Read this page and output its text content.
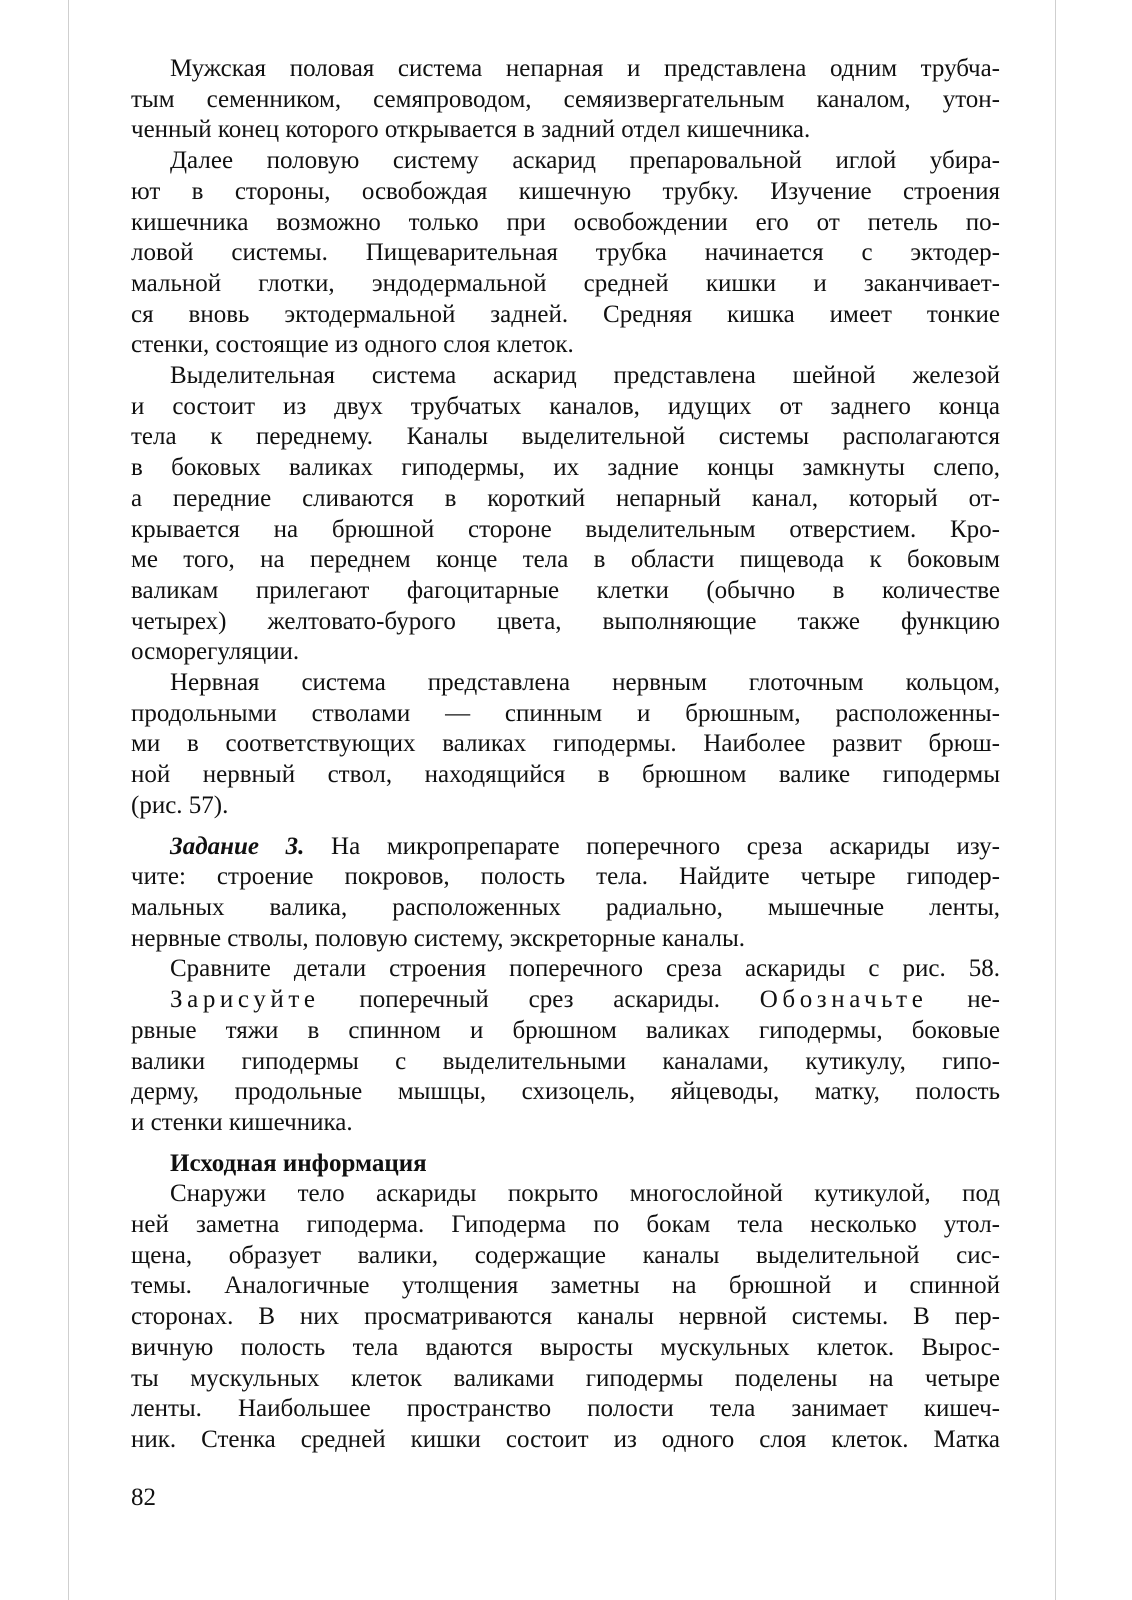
Мужская половая система непарная и представлена одним трубча-
тым семенником, семяпроводом, семяизвергательным каналом, утон-
ченный конец которого открывается в задний отдел кишечника.
Далее половую систему аскарид препаровальной иглой убира-
ют в стороны, освобождая кишечную трубку. Изучение строения
кишечника возможно только при освобождении его от петель по-
ловой системы. Пищеварительная трубка начинается с эктодер-
мальной глотки, эндодермальной средней кишки и заканчивает-
ся вновь эктодермальной задней. Средняя кишка имеет тонкие
стенки, состоящие из одного слоя клеток.
Выделительная система аскарид представлена шейной железой
и состоит из двух трубчатых каналов, идущих от заднего конца
тела к переднему. Каналы выделительной системы располагаются
в боковых валиках гиподермы, их задние концы замкнуты слепо,
а передние сливаются в короткий непарный канал, который от-
крывается на брюшной стороне выделительным отверстием. Кро-
ме того, на переднем конце тела в области пищевода к боковым
валикам прилегают фагоцитарные клетки (обычно в количестве
четырех) желтовато-бурого цвета, выполняющие также функцию
осморегуляции.
Нервная система представлена нервным глоточным кольцом,
продольными стволами — спинным и брюшным, расположенны-
ми в соответствующих валиках гиподермы. Наиболее развит брюш-
ной нервный ствол, находящийся в брюшном валике гиподермы
(рис. 57).
Задание 3. На микропрепарате поперечного среза аскариды изу-
чите: строение покровов, полость тела. Найдите четыре гиподер-
мальных валика, расположенных радиально, мышечные ленты,
нервные стволы, половую систему, экскреторные каналы.
Сравните детали строения поперечного среза аскариды с рис. 58.
Зарисуйте поперечный срез аскариды. Обозначьте не-
рвные тяжи в спинном и брюшном валиках гиподермы, боковые
валики гиподермы с выделительными каналами, кутикулу, гипо-
дерму, продольные мышцы, схизоцель, яйцеводы, матку, полость
и стенки кишечника.
Исходная информация
Снаружи тело аскариды покрыто многослойной кутикулой, под
ней заметна гиподерма. Гиподерма по бокам тела несколько утол-
щена, образует валики, содержащие каналы выделительной сис-
темы. Аналогичные утолщения заметны на брюшной и спинной
сторонах. В них просматриваются каналы нервной системы. В пер-
вичную полость тела вдаются выросты мускульных клеток. Вырос-
ты мускульных клеток валиками гиподермы поделены на четыре
ленты. Наибольшее пространство полости тела занимает кишеч-
ник. Стенка средней кишки состоит из одного слоя клеток. Матка
82
